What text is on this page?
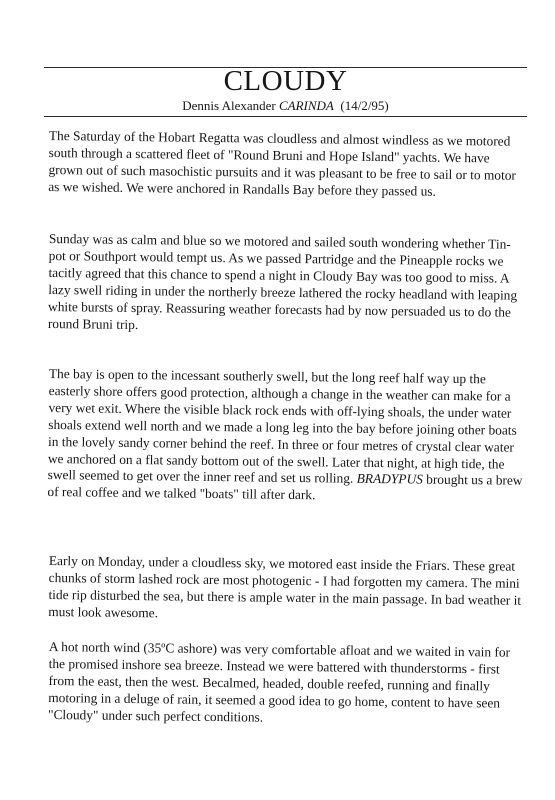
CLOUDY
Dennis Alexander CARINDA (14/2/95)

The Saturday of the Hobart Regatta was cloudless and almost windless as we motored south through a scattered fleet of "Round Bruni and Hope Island" yachts. We have grown out of such masochistic pursuits and it was pleasant to be free to sail or to motor as we wished. We were anchored in Randalls Bay before they passed us.

Sunday was as calm and blue so we motored and sailed south wondering whether Tin-pot or Southport would tempt us. As we passed Partridge and the Pineapple rocks we tacitly agreed that this chance to spend a night in Cloudy Bay was too good to miss. A lazy swell riding in under the northerly breeze lathered the rocky headland with leaping white bursts of spray. Reassuring weather forecasts had by now persuaded us to do the round Bruni trip.

The bay is open to the incessant southerly swell, but the long reef half way up the easterly shore offers good protection, although a change in the weather can make for a very wet exit. Where the visible black rock ends with off-lying shoals, the under water shoals extend well north and we made a long leg into the bay before joining other boats in the lovely sandy corner behind the reef. In three or four metres of crystal clear water we anchored on a flat sandy bottom out of the swell. Later that night, at high tide, the swell seemed to get over the inner reef and set us rolling. BRADYPUS brought us a brew of real coffee and we talked "boats" till after dark.

Early on Monday, under a cloudless sky, we motored east inside the Friars. These great chunks of storm lashed rock are most photogenic - I had forgotten my camera. The mini tide rip disturbed the sea, but there is ample water in the main passage. In bad weather it must look awesome.

A hot north wind (35ºC ashore) was very comfortable afloat and we waited in vain for the promised inshore sea breeze. Instead we were battered with thunderstorms - first from the east, then the west. Becalmed, headed, double reefed, running and finally motoring in a deluge of rain, it seemed a good idea to go home, content to have seen "Cloudy" under such perfect conditions.
